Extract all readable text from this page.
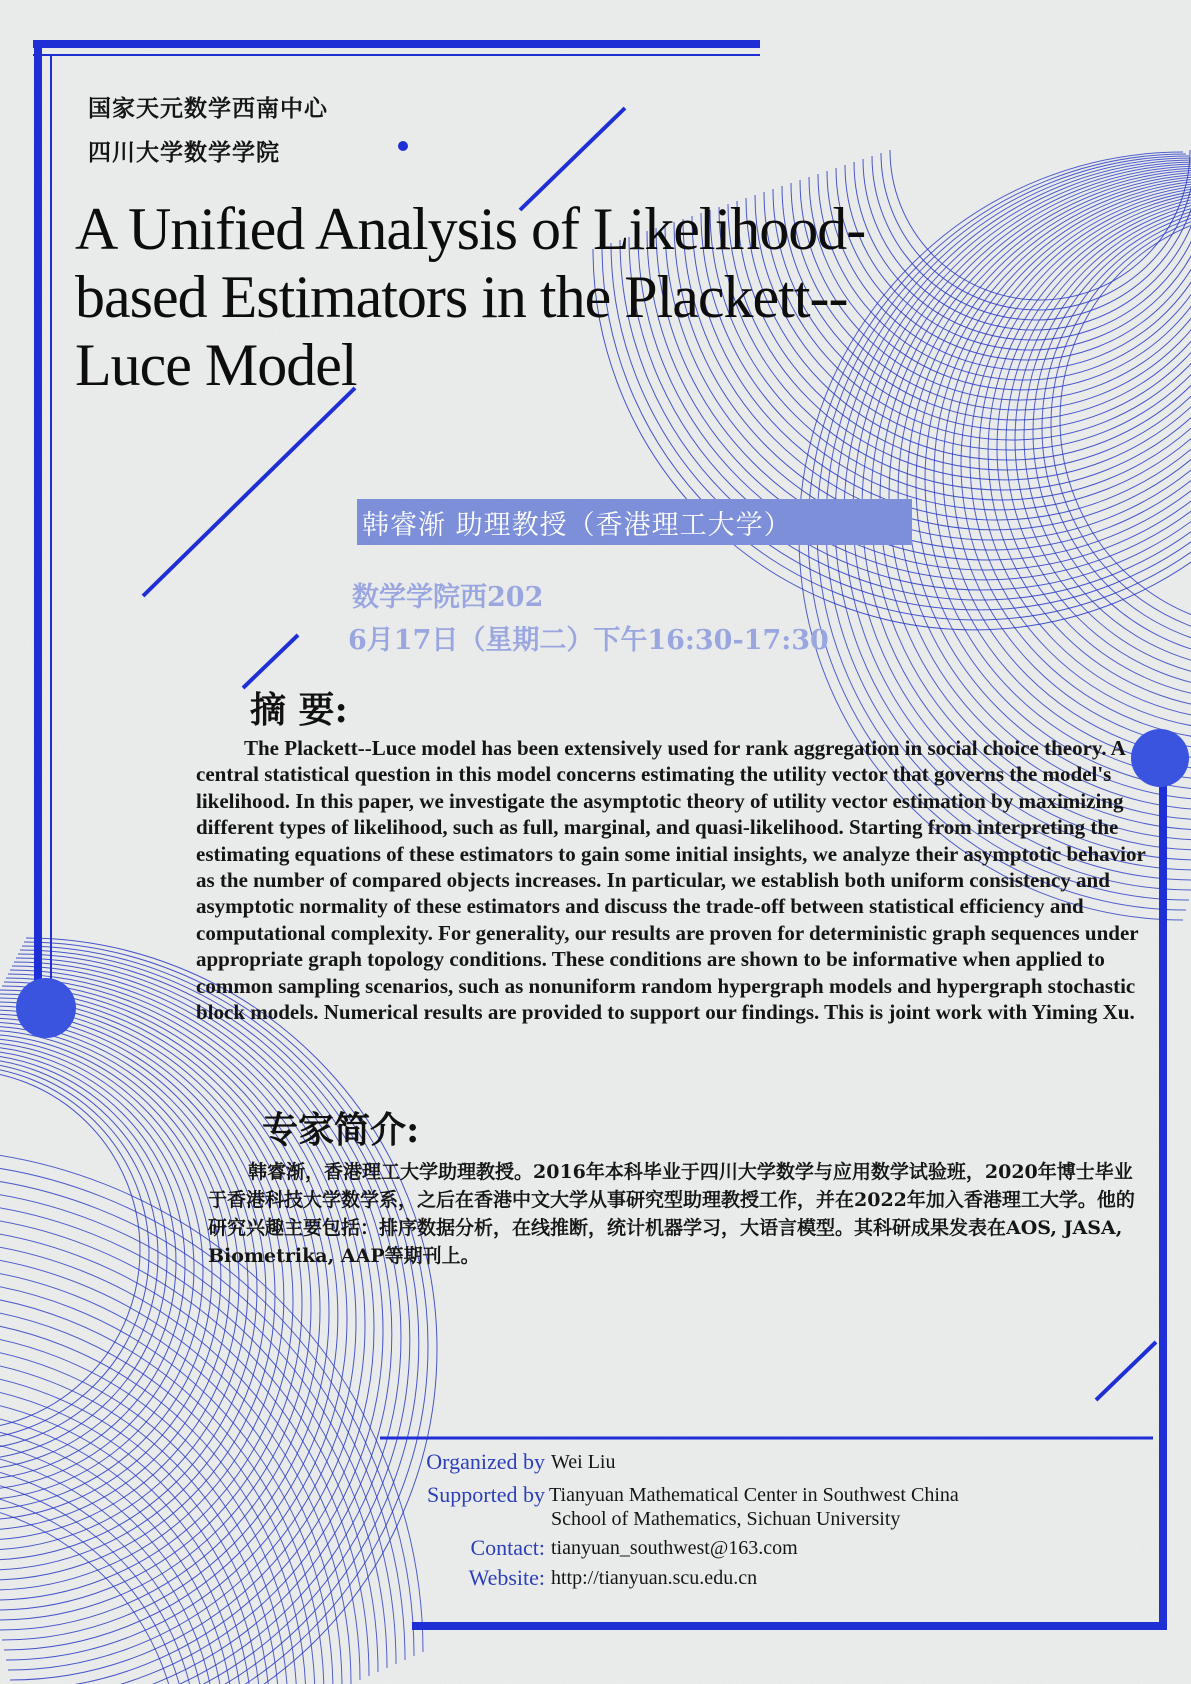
国家天元数学西南中心
四川大学数学学院
A Unified Analysis of Likelihood-
based Estimators in the Plackett--
Luce Model
韩睿渐 助理教授（香港理工大学）
数学学院西202
6月17日（星期二）下午16:30-17:30
摘 要:
The Plackett--Luce model has been extensively used for rank aggregation in social choice theory. A central statistical question in this model concerns estimating the utility vector that governs the model's likelihood. In this paper, we investigate the asymptotic theory of utility vector estimation by maximizing different types of likelihood, such as full, marginal, and quasi-likelihood. Starting from interpreting the estimating equations of these estimators to gain some initial insights, we analyze their asymptotic behavior as the number of compared objects increases. In particular, we establish both uniform consistency and asymptotic normality of these estimators and discuss the trade-off between statistical efficiency and computational complexity. For generality, our results are proven for deterministic graph sequences under appropriate graph topology conditions. These conditions are shown to be informative when applied to common sampling scenarios, such as nonuniform random hypergraph models and hypergraph stochastic block models. Numerical results are provided to support our findings. This is joint work with Yiming Xu.
专家简介:
韩睿渐，香港理工大学助理教授。2016年本科毕业于四川大学数学与应用数学试验班，2020年博士毕业于香港科技大学数学系，之后在香港中文大学从事研究型助理教授工作，并在2022年加入香港理工大学。他的研究兴趣主要包括：排序数据分析，在线推断，统计机器学习，大语言模型。其科研成果发表在AOS, JASA, Biometrika, AAP等期刊上。
Organized by Wei Liu
Supported by Tianyuan Mathematical Center in Southwest China
School of Mathematics, Sichuan University
Contact: tianyuan_southwest@163.com
Website: http://tianyuan.scu.edu.cn
